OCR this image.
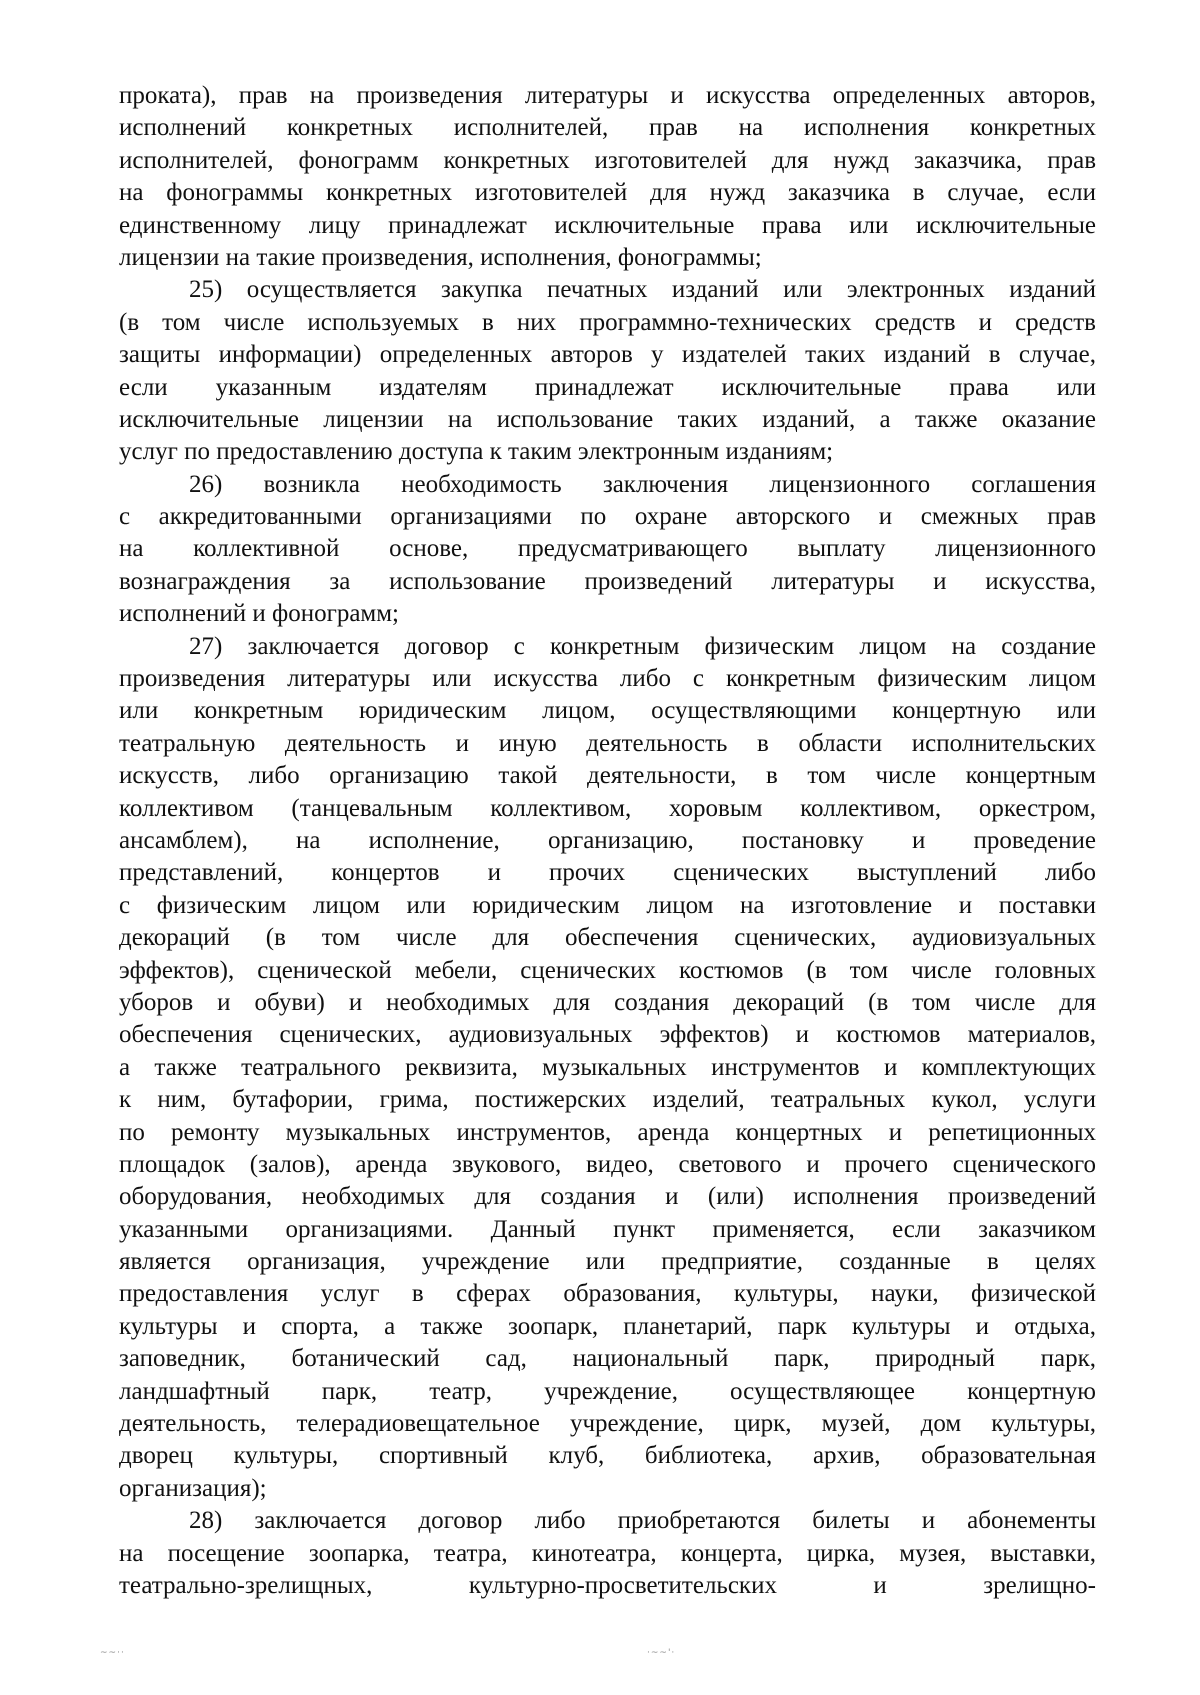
проката), прав на произведения литературы и искусства определенных авторов,
исполнений конкретных исполнителей, прав на исполнения конкретных
исполнителей, фонограмм конкретных изготовителей для нужд заказчика, прав
на фонограммы конкретных изготовителей для нужд заказчика в случае, если
единственному лицу принадлежат исключительные права или исключительные
лицензии на такие произведения, исполнения, фонограммы;
25) осуществляется закупка печатных изданий или электронных изданий
(в том числе используемых в них программно-технических средств и средств
защиты информации) определенных авторов у издателей таких изданий в случае,
если указанным издателям принадлежат исключительные права или
исключительные лицензии на использование таких изданий, а также оказание
услуг по предоставлению доступа к таким электронным изданиям;
26) возникла необходимость заключения лицензионного соглашения
с аккредитованными организациями по охране авторского и смежных прав
на коллективной основе, предусматривающего выплату лицензионного
вознаграждения за использование произведений литературы и искусства,
исполнений и фонограмм;
27) заключается договор с конкретным физическим лицом на создание
произведения литературы или искусства либо с конкретным физическим лицом
или конкретным юридическим лицом, осуществляющими концертную или
театральную деятельность и иную деятельность в области исполнительских
искусств, либо организацию такой деятельности, в том числе концертным
коллективом (танцевальным коллективом, хоровым коллективом, оркестром,
ансамблем), на исполнение, организацию, постановку и проведение
представлений, концертов и прочих сценических выступлений либо
с физическим лицом или юридическим лицом на изготовление и поставки
декораций (в том числе для обеспечения сценических, аудиовизуальных
эффектов), сценической мебели, сценических костюмов (в том числе головных
уборов и обуви) и необходимых для создания декораций (в том числе для
обеспечения сценических, аудиовизуальных эффектов) и костюмов материалов,
а также театрального реквизита, музыкальных инструментов и комплектующих
к ним, бутафории, грима, постижерских изделий, театральных кукол, услуги
по ремонту музыкальных инструментов, аренда концертных и репетиционных
площадок (залов), аренда звукового, видео, светового и прочего сценического
оборудования, необходимых для создания и (или) исполнения произведений
указанными организациями. Данный пункт применяется, если заказчиком
является организация, учреждение или предприятие, созданные в целях
предоставления услуг в сферах образования, культуры, науки, физической
культуры и спорта, а также зоопарк, планетарий, парк культуры и отдыха,
заповедник, ботанический сад, национальный парк, природный парк,
ландшафтный парк, театр, учреждение, осуществляющее концертную
деятельность, телерадиовещательное учреждение, цирк, музей, дом культуры,
дворец культуры, спортивный клуб, библиотека, архив, образовательная
организация);
28) заключается договор либо приобретаются билеты и абонементы
на посещение зоопарка, театра, кинотеатра, концерта, цирка, музея, выставки,
театрально-зрелищных, культурно-просветительских и зрелищно-
~~··	·~~'·
